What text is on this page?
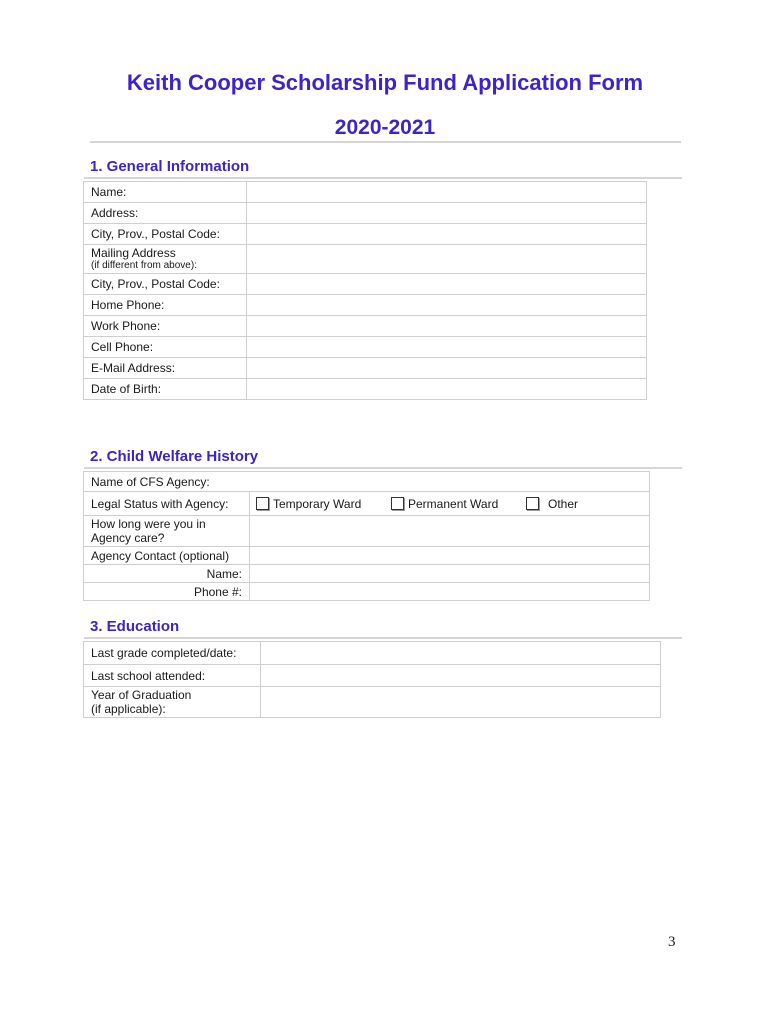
Keith Cooper Scholarship Fund Application Form
2020-2021
1. General Information
Name:	
Address:	
City, Prov., Postal Code:	

Mailing Address
(if different from above):	

City, Prov., Postal Code:	
Home Phone:	
Work Phone:	
Cell Phone:	
E-Mail Address:	
Date of Birth:	
2. Child Welfare History
Name of CFS Agency:	
Legal Status with Agency:	Temporary Ward Permanent Ward Other

How long were you in
Agency care?	

Agency Contact (optional)	
Name:	
Phone #:	
3. Education
Last grade completed/date:	
Last school attended:	

Year of Graduation
(if applicable):	

3
